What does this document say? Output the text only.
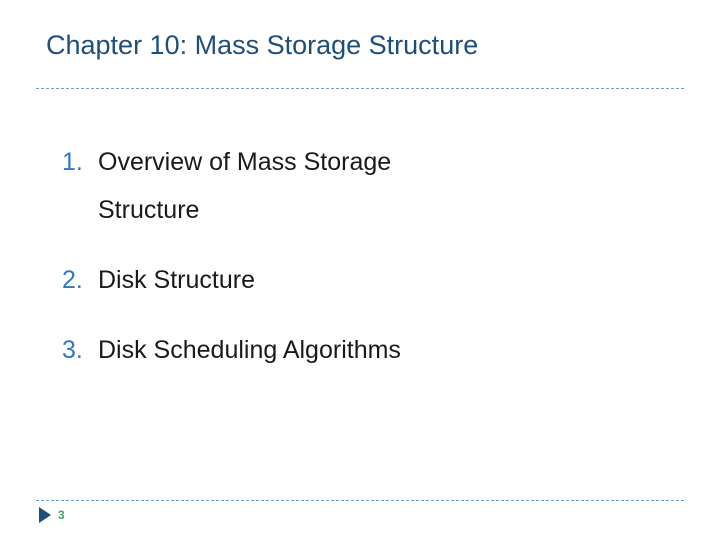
Chapter 10: Mass Storage Structure
1. Overview of Mass Storage Structure
2. Disk Structure
3. Disk Scheduling Algorithms
3
